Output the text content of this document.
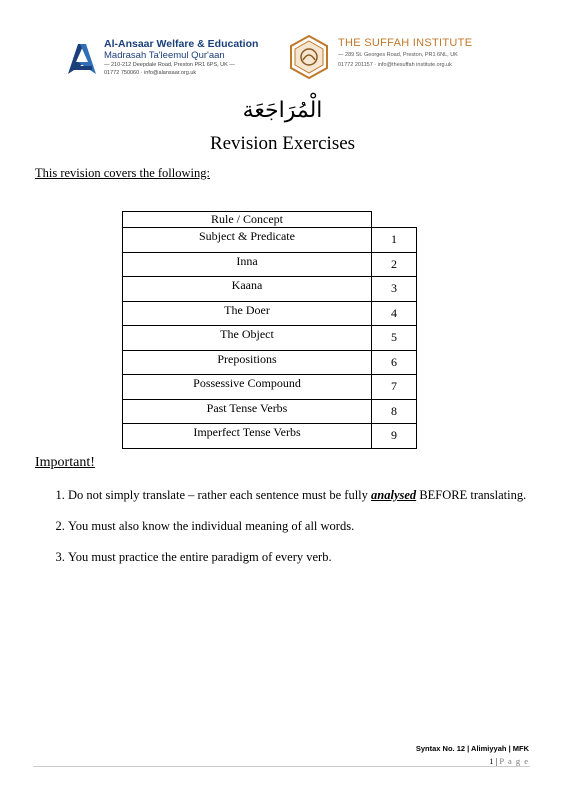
Al-Ansaar Welfare & Education
Madrasah Ta'leemul Qur'aan
— 210-212 Deepdale Road, Preston PR1 6PS, UK —
01772 750060 · info@alansaar.org.uk
THE SUFFAH INSTITUTE
— 289 St. Georges Road, Preston, PR1 6NL, UK
01772 201157 · info@thesuffah institute.org.uk
الْمُرَاجَعَة
Revision Exercises
This revision covers the following:
Rule / Concept	
Subject & Predicate	1
Inna	2
Kaana	3
The Doer	4
The Object	5
Prepositions	6
Possessive Compound	7
Past Tense Verbs	8
Imperfect Tense Verbs	9
Important!
1. Do not simply translate – rather each sentence must be fully analysed BEFORE translating.
2. You must also know the individual meaning of all words.
3. You must practice the entire paradigm of every verb.
Syntax No. 12 | Alimiyyah | MFK
1 | P a g e
